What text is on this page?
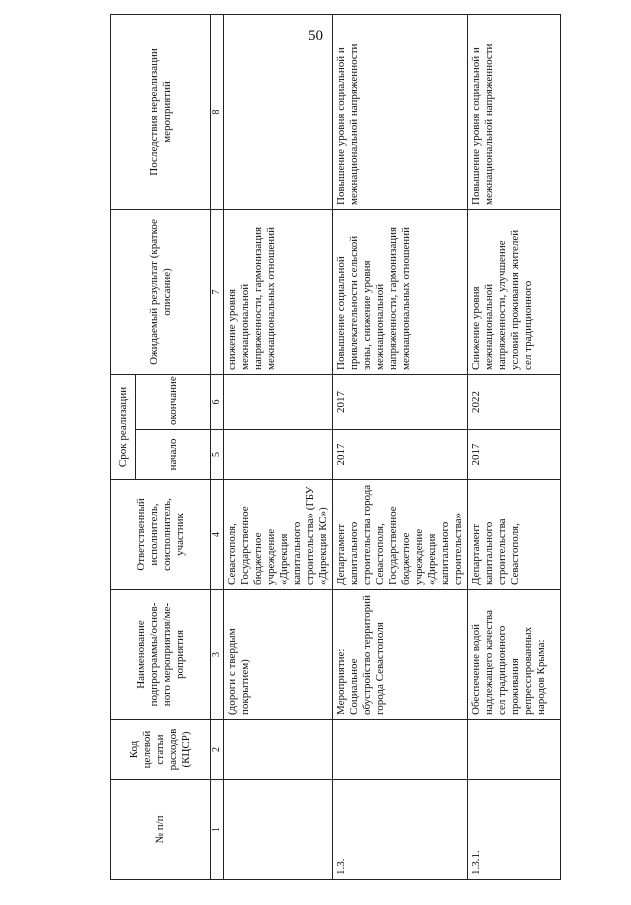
50
№ п/п	Код целевой статьи расходов (КЦСР)	Наименование подпрограммы/основ-ного мероприятия/ме-роприятия	Ответственный исполнитель, соисполнитель, участник	Срок реализации		Ожидаемый результат (краткое описание)	Последствия нереализации мероприятий
				начало	окончание		
1	2	3	4	5	6	7	8
		(дороги с твердым покрытием)	Севастополя, Государственное бюджетное учреждение «Дирекция капитального строительства» (ГБУ «Дирекция КС»)			снижение уровня межнациональной напряженности, гармонизация межнациональных отношений	
1.3.		Мероприятие: Социальное обустройство территорий города Севастополя	Департамент капитального строительства города Севастополя, Государственное бюджетное учреждение «Дирекция капитального строительства»	2017	2017	Повышение социальной привлекательности сельской зоны, снижение уровня межнациональной напряженности, гармонизация межнациональных отношений	Повышение уровня социальной и межнациональной напряженности
1.3.1.		Обеспечение водой надлежащего качества сел традиционного проживания репрессированных народов Крыма:	Департамент капитального строительства Севастополя,	2017	2022	Снижение уровня межнациональной напряженности, улучшение условий проживания жителей сел традиционного	Повышение уровня социальной и межнациональной напряженности
